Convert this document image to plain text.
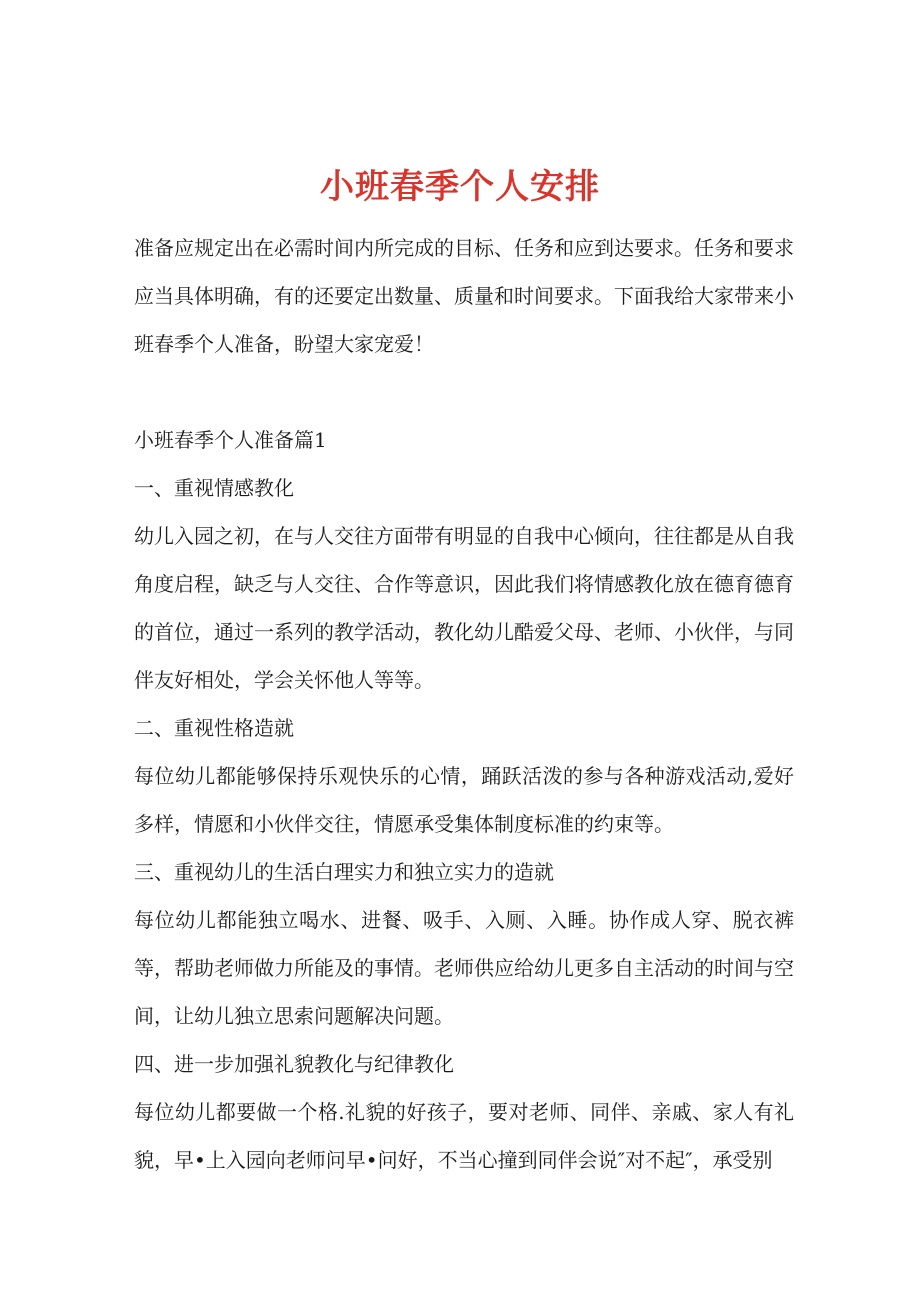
小班春季个人安排

准备应规定出在必需时间内所完成的目标、任务和应到达要求。任务和要求应当具体明确，有的还要定出数量、质量和时间要求。下面我给大家带来小班春季个人准备，盼望大家宠爱！

小班春季个人准备篇1

一、重视情感教化

幼儿入园之初，在与人交往方面带有明显的自我中心倾向，往往都是从自我角度启程，缺乏与人交往、合作等意识，因此我们将情感教化放在德育德育的首位，通过一系列的教学活动，教化幼儿酷爱父母、老师、小伙伴，与同伴友好相处，学会关怀他人等等。

二、重视性格造就

每位幼儿都能够保持乐观快乐的心情，踊跃活泼的参与各种游戏活动,爱好多样，情愿和小伙伴交往，情愿承受集体制度标准的约束等。

三、重视幼儿的生活白理实力和独立实力的造就

每位幼儿都能独立喝水、进餐、吸手、入厕、入睡。协作成人穿、脱衣裤等，帮助老师做力所能及的事情。老师供应给幼儿更多自主活动的时间与空间，让幼儿独立思索问题解决问题。

四、进一步加强礼貌教化与纪律教化

每位幼儿都要做一个格.礼貌的好孩子，要对老师、同伴、亲戚、家人有礼貌，早•上入园向老师问早•问好，不当心撞到同伴会说″对不起″，承受别
